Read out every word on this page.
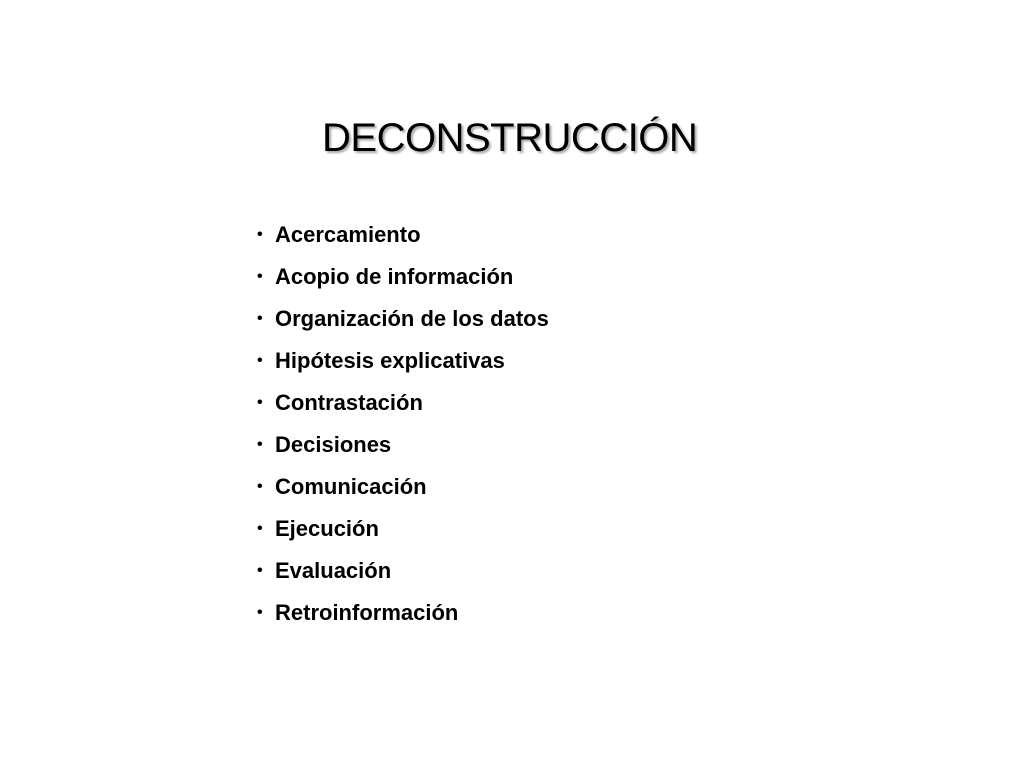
DECONSTRUCCIÓN
• Acercamiento
• Acopio de información
• Organización de los datos
• Hipótesis explicativas
• Contrastación
• Decisiones
• Comunicación
• Ejecución
• Evaluación
• Retroinformación
